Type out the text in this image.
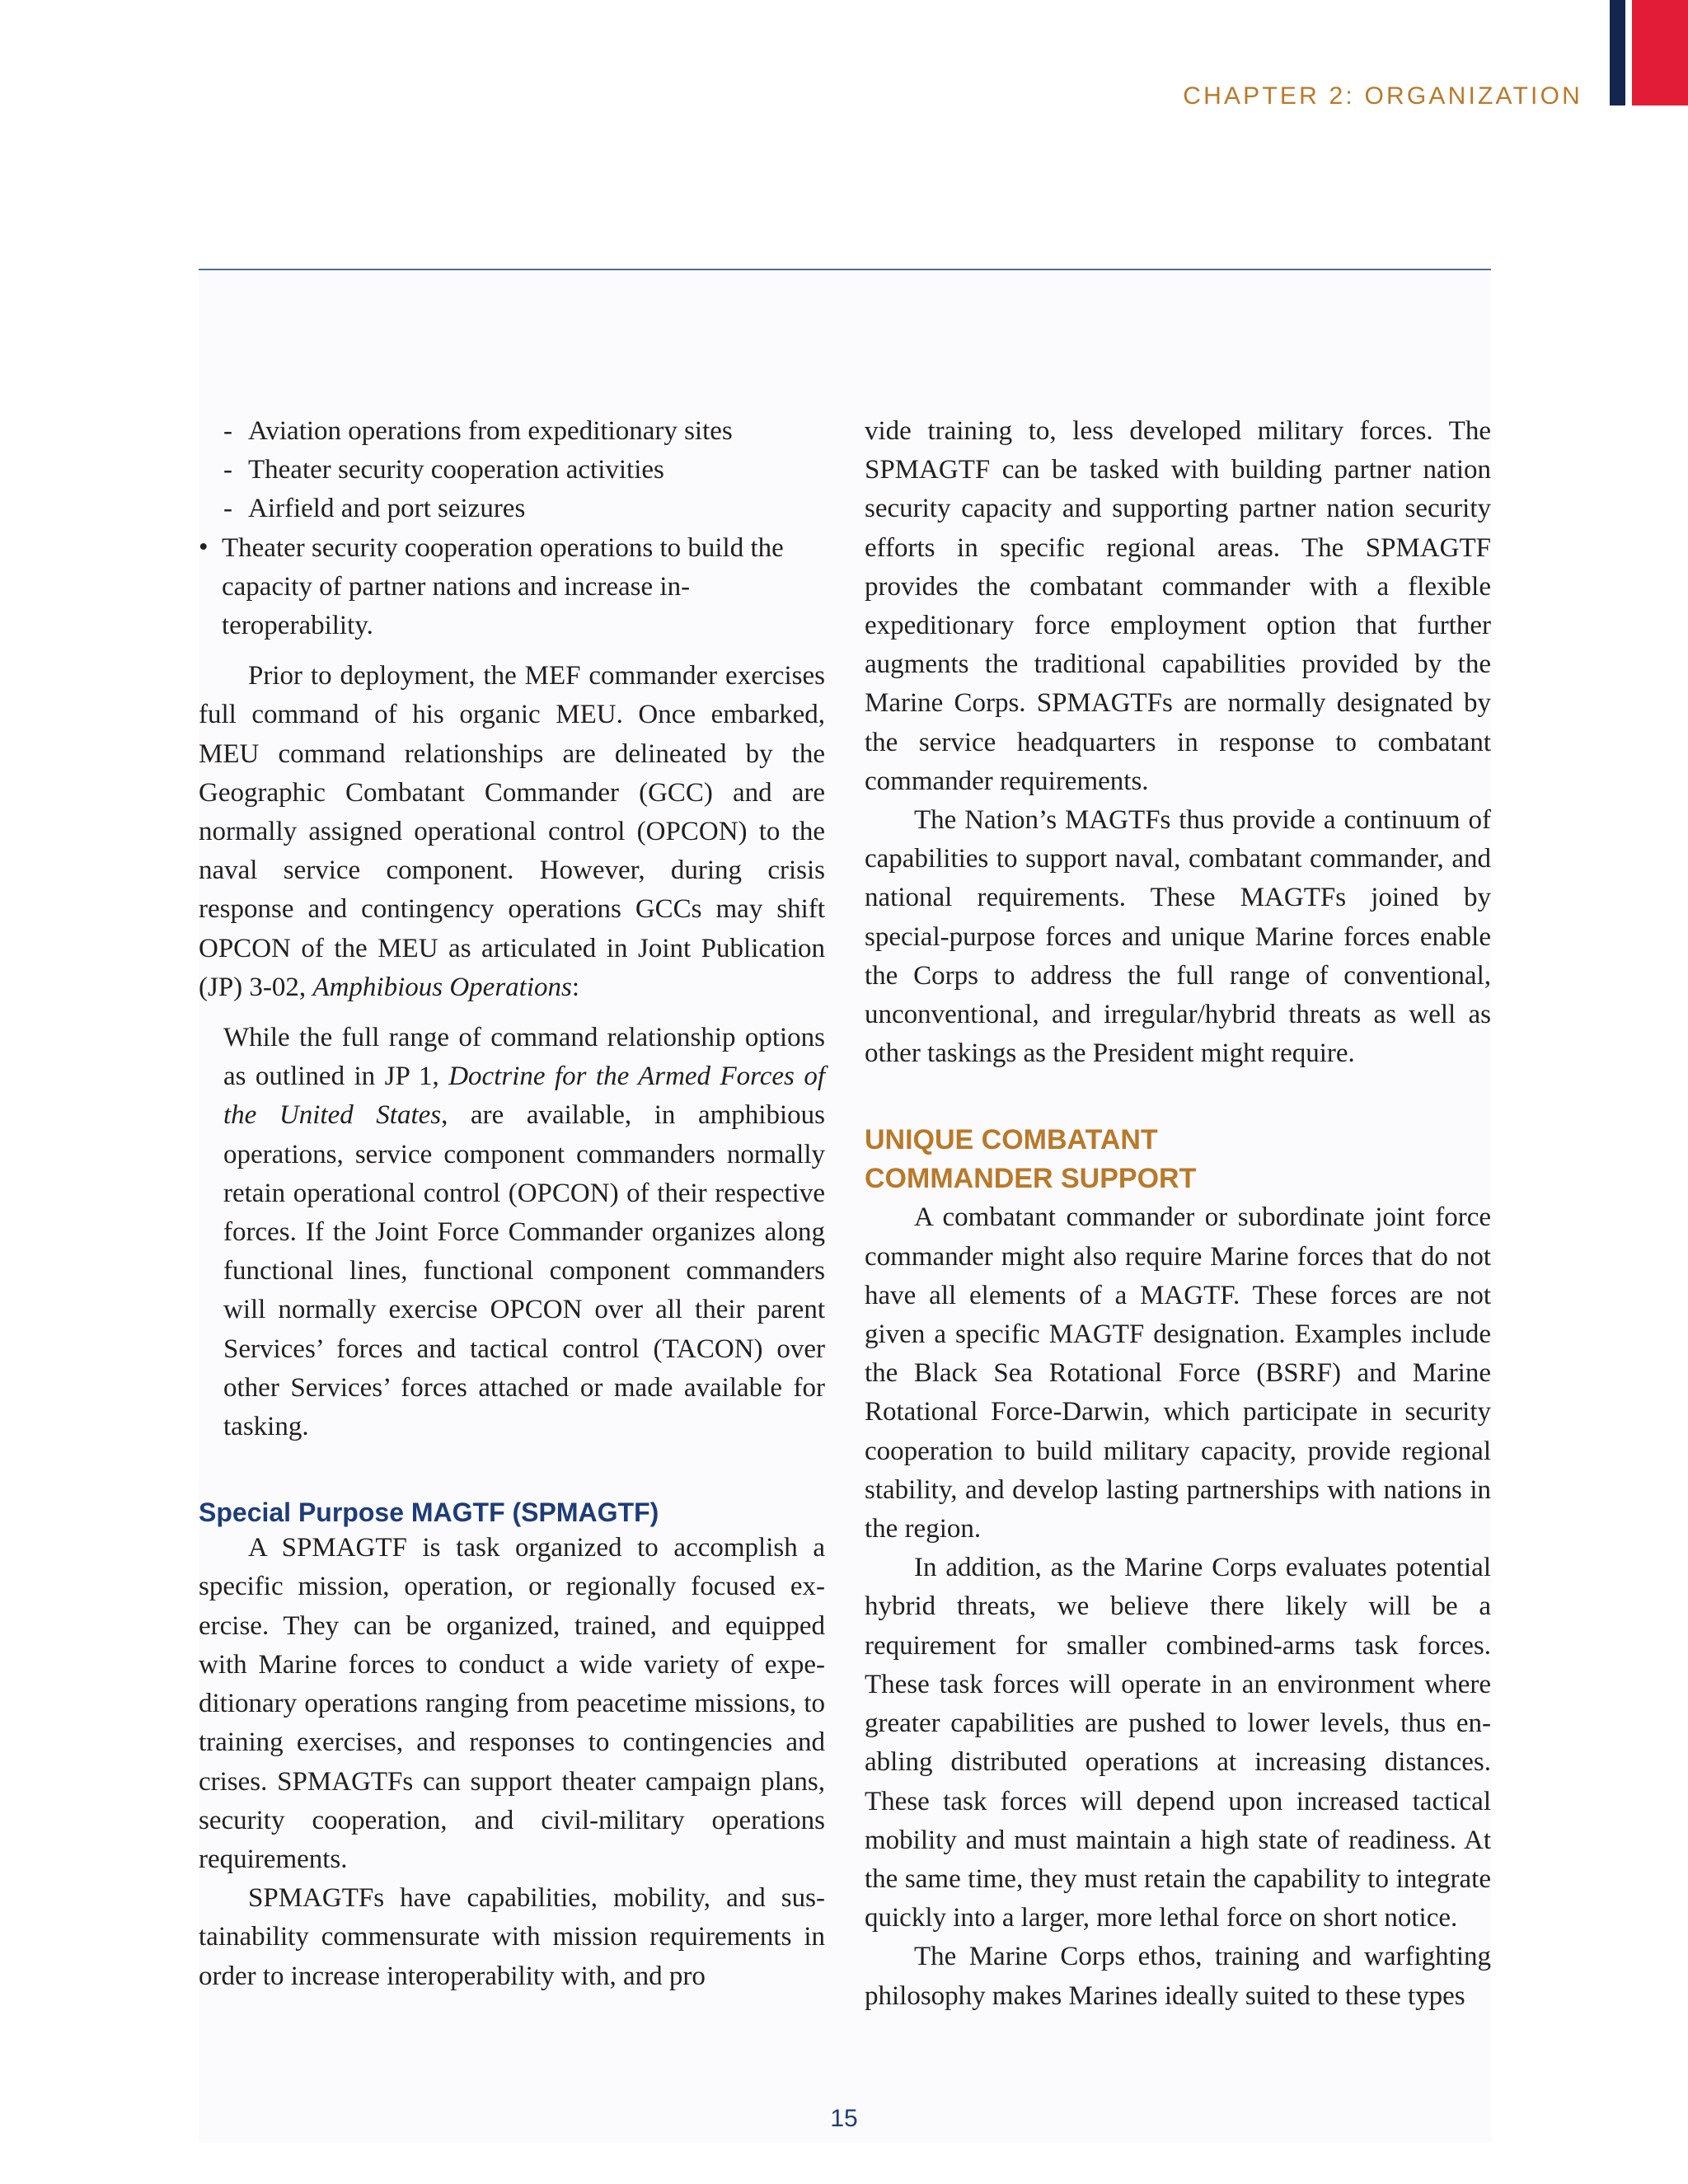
CHAPTER 2: ORGANIZATION
- Aviation operations from expeditionary sites
- Theater security cooperation activities
- Airfield and port seizures

• Theater security cooperation operations to build the capacity of partner nations and increase interoperability.

Prior to deployment, the MEF commander exercises full command of his organic MEU. Once embarked, MEU command relationships are delineated by the Geographic Combatant Commander (GCC) and are normally assigned operational control (OPCON) to the naval service component. However, during crisis response and contingency operations GCCs may shift OPCON of the MEU as articulated in Joint Publication (JP) 3-02, Amphibious Operations:

While the full range of command relationship options as outlined in JP 1, Doctrine for the Armed Forces of the United States, are available, in amphibious operations, service component commanders normally retain operational control (OPCON) of their respective forces. If the Joint Force Commander organizes along functional lines, functional component commanders will normally exercise OPCON over all their parent Services’ forces and tactical control (TACON) over other Services’ forces attached or made available for tasking.

Special Purpose MAGTF (SPMAGTF)

A SPMAGTF is task organized to accomplish a specific mission, operation, or regionally focused exercise. They can be organized, trained, and equipped with Marine forces to conduct a wide variety of expeditionary operations ranging from peacetime missions, to training exercises, and responses to contingencies and crises. SPMAGTFs can support theater campaign plans, security cooperation, and civil-military operations requirements.

SPMAGTFs have capabilities, mobility, and sustainability commensurate with mission requirements in order to increase interoperability with, and pro

vide training to, less developed military forces. The SPMAGTF can be tasked with building partner nation security capacity and supporting partner nation security efforts in specific regional areas. The SPMAGTF provides the combatant commander with a flexible expeditionary force employment option that further augments the traditional capabilities provided by the Marine Corps. SPMAGTFs are normally designated by the service headquarters in response to combatant commander requirements.

The Nation’s MAGTFs thus provide a continuum of capabilities to support naval, combatant commander, and national requirements. These MAGTFs joined by special-purpose forces and unique Marine forces enable the Corps to address the full range of conventional, unconventional, and irregular/hybrid threats as well as other taskings as the President might require.

UNIQUE COMBATANT
COMMANDER SUPPORT

A combatant commander or subordinate joint force commander might also require Marine forces that do not have all elements of a MAGTF. These forces are not given a specific MAGTF designation. Examples include the Black Sea Rotational Force (BSRF) and Marine Rotational Force-Darwin, which participate in security cooperation to build military capacity, provide regional stability, and develop lasting partnerships with nations in the region.

In addition, as the Marine Corps evaluates potential hybrid threats, we believe there likely will be a requirement for smaller combined-arms task forces. These task forces will operate in an environment where greater capabilities are pushed to lower levels, thus enabling distributed operations at increasing distances. These task forces will depend upon increased tactical mobility and must maintain a high state of readiness. At the same time, they must retain the capability to integrate quickly into a larger, more lethal force on short notice.

The Marine Corps ethos, training and warfighting philosophy makes Marines ideally suited to these types

15
